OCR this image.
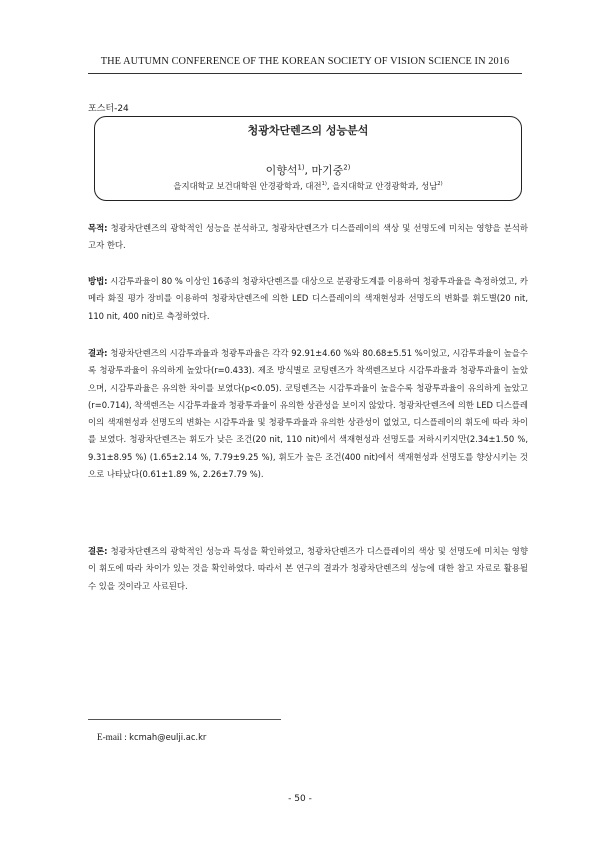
THE AUTUMN CONFERENCE OF THE KOREAN SOCIETY OF VISION SCIENCE IN 2016
포스터-24
청광차단렌즈의 성능분석
이향석$^{1)}$, 마기중$^{2)}$
을지대학교 보건대학원 안경광학과, 대전$^{1)}$, 을지대학교 안경광학과, 성남$^{2)}$
목적: 청광차단렌즈의 광학적인 성능을 분석하고, 청광차단렌즈가 디스플레이의 색상 및 선명도에 미치는 영향을 분석하고자 한다.
방법: 시감투과율이 80 % 이상인 16종의 청광차단렌즈를 대상으로 분광광도계를 이용하여 청광투과율을 측정하였고, 카메라 화질 평가 장비를 이용하여 청광차단렌즈에 의한 LED 디스플레이의 색재현성과 선명도의 변화를 휘도별(20 nit, 110 nit, 400 nit)로 측정하였다.
결과: 청광차단렌즈의 시감투과율과 청광투과율은 각각 92.91±4.60 %와 80.68±5.51 %이었고, 시감투과율이 높을수록 청광투과율이 유의하게 높았다(r=0.433). 제조 방식별로 코팅렌즈가 착색렌즈보다 시감투과율과 청광투과율이 높았으며, 시감투과율은 유의한 차이를 보였다(p<0.05). 코팅렌즈는 시감투과율이 높을수록 청광투과율이 유의하게 높았고(r=0.714), 착색렌즈는 시감투과율과 청광투과율이 유의한 상관성을 보이지 않았다. 청광차단렌즈에 의한 LED 디스플레이의 색재현성과 선명도의 변화는 시감투과율 및 청광투과율과 유의한 상관성이 없었고, 디스플레이의 휘도에 따라 차이를 보였다. 청광차단렌즈는 휘도가 낮은 조건(20 nit, 110 nit)에서 색재현성과 선명도를 저하시키지만(2.34±1.50 %, 9.31±8.95 %) (1.65±2.14 %, 7.79±9.25 %), 휘도가 높은 조건(400 nit)에서 색재현성과 선명도를 향상시키는 것으로 나타났다(0.61±1.89 %, 2.26±7.79 %).
결론: 청광차단렌즈의 광학적인 성능과 특성을 확인하였고, 청광차단렌즈가 디스플레이의 색상 및 선명도에 미치는 영향이 휘도에 따라 차이가 있는 것을 확인하였다. 따라서 본 연구의 결과가 청광차단렌즈의 성능에 대한 참고 자료로 활용될 수 있을 것이라고 사료된다.
E-mail : kcmah@eulji.ac.kr
- 50 -
